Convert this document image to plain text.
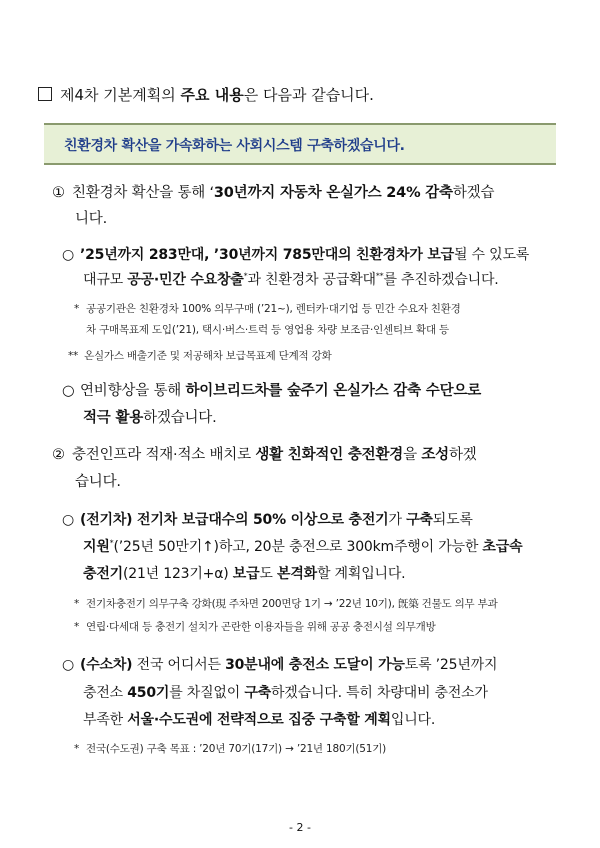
제4차 기본계획의 주요 내용은 다음과 같습니다.
친환경차 확산을 가속화하는 사회시스템 구축하겠습니다.
① 친환경차 확산을 통해 ‘30년까지 자동차 온실가스 24% 감축하겠습
니다.
○ ’25년까지 283만대, ’30년까지 785만대의 친환경차가 보급될 수 있도록
대규모 공공·민간 수요창출*과 친환경차 공급확대**를 추진하겠습니다.
* 공공기관은 친환경차 100% 의무구매 (’21~), 렌터카·대기업 등 민간 수요자 친환경
차 구매목표제 도입(’21), 택시·버스·트럭 등 영업용 차량 보조금·인센티브 확대 등
** 온실가스 배출기준 및 저공해차 보급목표제 단계적 강화
○ 연비향상을 통해 하이브리드차를 숲주기 온실가스 감축 수단으로
적극 활용하겠습니다.
② 충전인프라 적재·적소 배치로 생활 친화적인 충전환경을 조성하겠
습니다.
○ (전기차) 전기차 보급대수의 50% 이상으로 충전기가 구축되도록
지원*(’25년 50만기↑)하고, 20분 충전으로 300km주행이 가능한 초급속
충전기(21년 123기+α) 보급도 본격화할 계획입니다.
* 전기차충전기 의무구축 강화(現 주차면 200면당 1기 → ’22년 10기), 旣築 건물도 의무 부과
* 연립·다세대 등 충전기 설치가 곤란한 이용자들을 위해 공공 충전시설 의무개방
○ (수소차) 전국 어디서든 30분내에 충전소 도달이 가능토록 ’25년까지
충전소 450기를 차질없이 구축하겠습니다. 특히 차량대비 충전소가
부족한 서울·수도권에 전략적으로 집중 구축할 계획입니다.
* 전국(수도권) 구축 목표 : ’20년 70기(17기) → ’21년 180기(51기)
- 2 -
